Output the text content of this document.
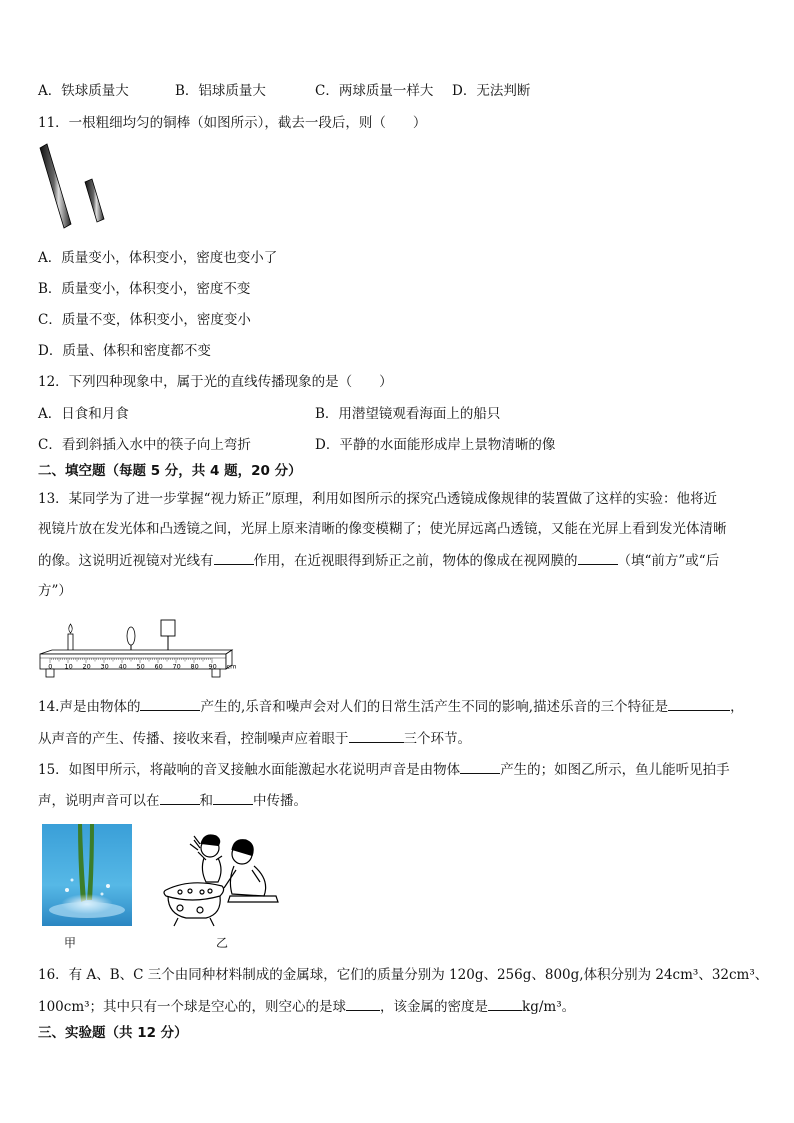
A．铁球质量大	B．铝球质量大	C．两球质量一样大 D．无法判断
11．一根粗细均匀的铜棒（如图所示），截去一段后，则（　　）
A．质量变小，体积变小，密度也变小了
B．质量变小，体积变小，密度不变
C．质量不变，体积变小，密度变小
D．质量、体积和密度都不变
12．下列四种现象中，属于光的直线传播现象的是（　　）
A．日食和月食	B．用潜望镜观看海面上的船只
C．看到斜插入水中的筷子向上弯折	D．平静的水面能形成岸上景物清晰的像
二、填空题（每题 5 分，共 4 题，20 分）
13．某同学为了进一步掌握“视力矫正”原理，利用如图所示的探究凸透镜成像规律的装置做了这样的实验：他将近
视镜片放在发光体和凸透镜之间，光屏上原来清晰的像变模糊了；使光屏远离凸透镜，又能在光屏上看到发光体清晰
的像。这说明近视镜对光线有	作用，在近视眼得到矫正之前，物体的像成在视网膜的	（填“前方”或“后
方”）
0 10 20 30 40 50 60 70 80 90 cm
14.声是由物体的	产生的,乐音和噪声会对人们的日常生活产生不同的影响,描述乐音的三个特征是	，
从声音的产生、传播、接收来看，控制噪声应着眼于	三个环节。
15．如图甲所示，将敲响的音叉接触水面能激起水花说明声音是由物体	产生的；如图乙所示，鱼儿能听见拍手
声，说明声音可以在	和	中传播。
甲	乙
16．有 A、B、C 三个由同种材料制成的金属球，它们的质量分别为 120g、256g、800g,体积分别为 24cm³、32cm³、
100cm³；其中只有一个球是空心的，则空心的是球	，该金属的密度是	kg/m³。
三、实验题（共 12 分）
